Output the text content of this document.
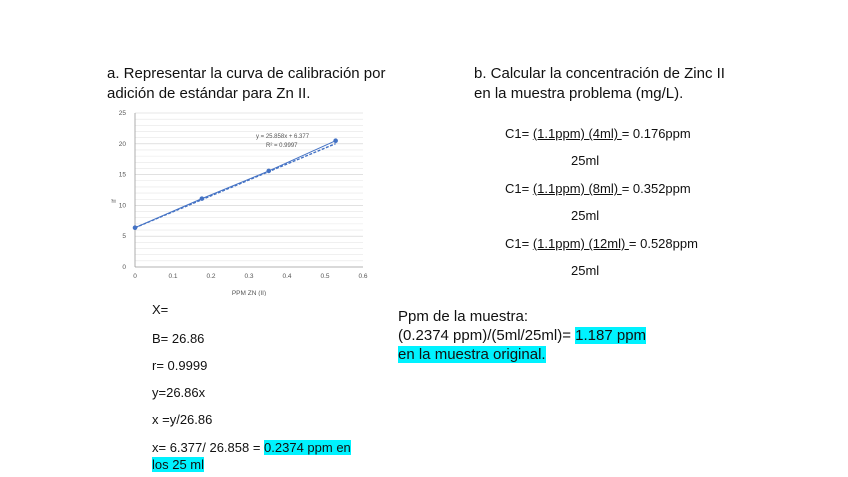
a. Representar la curva de calibración por
adición de estándar para Zn II.
b. Calcular la concentración de Zinc II
en la muestra problema (mg/L).
0
5
10
15
20
25
0	0.1	0.2	0.3	0.4	0.5	0.6
y = 25.858x + 6.377
R² = 0.9997
PPM ZN (II)
If
C1= (1.1ppm) (4ml) = 0.176ppm
25ml
C1= (1.1ppm) (8ml) = 0.352ppm
25ml
C1= (1.1ppm) (12ml) = 0.528ppm
25ml
Ppm de la muestra:
(0.2374 ppm)/(5ml/25ml)= 1.187 ppm
en la muestra original.
X=
B= 26.86
r= 0.9999
y=26.86x
x =y/26.86
x= 6.377/ 26.858 = 0.2374 ppm en
los 25 ml
